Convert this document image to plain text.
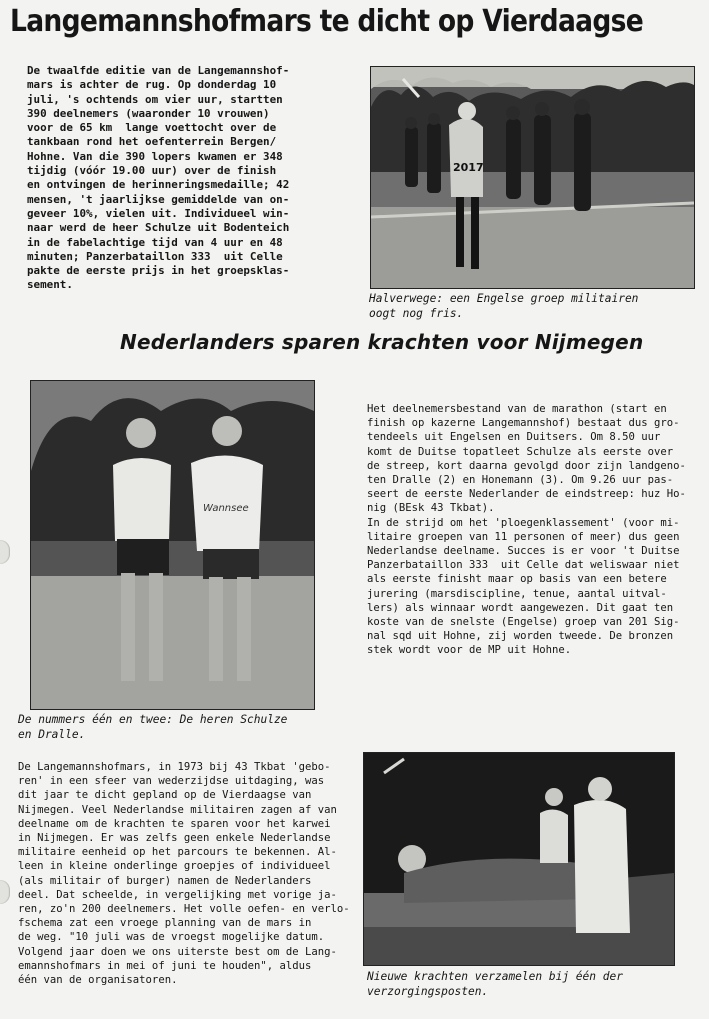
Langemannshofmars te dicht op Vierdaagse

De twaalfde editie van de Langemannshof-
mars is achter de rug. Op donderdag 10
juli, 's ochtends om vier uur, startten
390 deelnemers (waaronder 10 vrouwen)
voor de 65 km  lange voettocht over de
tankbaan rond het oefenterrein Bergen/
Hohne. Van die 390 lopers kwamen er 348
tijdig (vóór 19.00 uur) over de finish
en ontvingen de herinneringsmedaille; 42
mensen, 't jaarlijkse gemiddelde van on-
geveer 10%, vielen uit. Individueel win-
naar werd de heer Schulze uit Bodenteich
in de fabelachtige tijd van 4 uur en 48
minuten; Panzerbataillon 333  uit Celle
pakte de eerste prijs in het groepsklas-
sement.

2017

Halverwege: een Engelse groep militairen
oogt nog fris.

Nederlanders sparen krachten voor Nijmegen
Wannsee

De nummers één en twee: De heren Schulze
en Dralle.

Het deelnemersbestand van de marathon (start en
finish op kazerne Langemannshof) bestaat dus gro-
tendeels uit Engelsen en Duitsers. Om 8.50 uur
komt de Duitse topatleet Schulze als eerste over
de streep, kort daarna gevolgd door zijn landgeno-
ten Dralle (2) en Honemann (3). Om 9.26 uur pas-
seert de eerste Nederlander de eindstreep: huz Ho-
nig (BEsk 43 Tkbat).
In de strijd om het 'ploegenklassement' (voor mi-
litaire groepen van 11 personen of meer) dus geen
Nederlandse deelname. Succes is er voor 't Duitse
Panzerbataillon 333  uit Celle dat weliswaar niet
als eerste finisht maar op basis van een betere
jurering (marsdiscipline, tenue, aantal uitval-
lers) als winnaar wordt aangewezen. Dit gaat ten
koste van de snelste (Engelse) groep van 201 Sig-
nal sqd uit Hohne, zij worden tweede. De bronzen
stek wordt voor de MP uit Hohne.

De Langemannshofmars, in 1973 bij 43 Tkbat 'gebo-
ren' in een sfeer van wederzijdse uitdaging, was
dit jaar te dicht gepland op de Vierdaagse van
Nijmegen. Veel Nederlandse militairen zagen af van
deelname om de krachten te sparen voor het karwei
in Nijmegen. Er was zelfs geen enkele Nederlandse
militaire eenheid op het parcours te bekennen. Al-
leen in kleine onderlinge groepjes of individueel
(als militair of burger) namen de Nederlanders
deel. Dat scheelde, in vergelijking met vorige ja-
ren, zo'n 200 deelnemers. Het volle oefen- en verlo-
fschema zat een vroege planning van de mars in
de weg. "10 juli was de vroegst mogelijke datum.
Volgend jaar doen we ons uiterste best om de Lang-
emannshofmars in mei of juni te houden", aldus
één van de organisatoren.	Nieuwe krachten verzamelen bij één der
verzorgingsposten.
